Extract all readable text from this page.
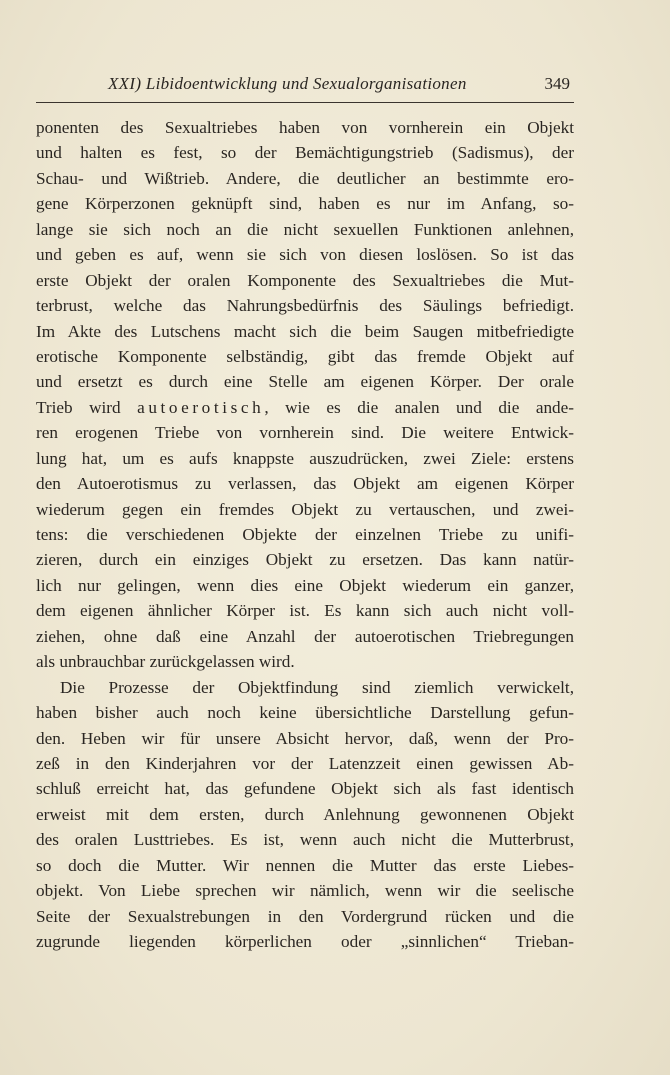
XXI) Libidoentwicklung und Sexualorganisationen	349
ponenten des Sexualtriebes haben von vornherein ein Objekt
und halten es fest, so der Bemächtigungstrieb (Sadismus), der
Schau- und Wißtrieb. Andere, die deutlicher an bestimmte ero-
gene Körperzonen geknüpft sind, haben es nur im Anfang, so-
lange sie sich noch an die nicht sexuellen Funktionen anlehnen,
und geben es auf, wenn sie sich von diesen loslösen. So ist das
erste Objekt der oralen Komponente des Sexualtriebes die Mut-
terbrust, welche das Nahrungsbedürfnis des Säulings befriedigt.
Im Akte des Lutschens macht sich die beim Saugen mitbefriedigte
erotische Komponente selbständig, gibt das fremde Objekt auf
und ersetzt es durch eine Stelle am eigenen Körper. Der orale
Trieb wird autoerotisch, wie es die analen und die ande-
ren erogenen Triebe von vornherein sind. Die weitere Entwick-
lung hat, um es aufs knappste auszudrücken, zwei Ziele: erstens
den Autoerotismus zu verlassen, das Objekt am eigenen Körper
wiederum gegen ein fremdes Objekt zu vertauschen, und zwei-
tens: die verschiedenen Objekte der einzelnen Triebe zu unifi-
zieren, durch ein einziges Objekt zu ersetzen. Das kann natür-
lich nur gelingen, wenn dies eine Objekt wiederum ein ganzer,
dem eigenen ähnlicher Körper ist. Es kann sich auch nicht voll-
ziehen, ohne daß eine Anzahl der autoerotischen Triebregungen
als unbrauchbar zurückgelassen wird.
Die Prozesse der Objektfindung sind ziemlich verwickelt,
haben bisher auch noch keine übersichtliche Darstellung gefun-
den. Heben wir für unsere Absicht hervor, daß, wenn der Pro-
zeß in den Kinderjahren vor der Latenzzeit einen gewissen Ab-
schluß erreicht hat, das gefundene Objekt sich als fast identisch
erweist mit dem ersten, durch Anlehnung gewonnenen Objekt
des oralen Lusttriebes. Es ist, wenn auch nicht die Mutterbrust,
so doch die Mutter. Wir nennen die Mutter das erste Liebes-
objekt. Von Liebe sprechen wir nämlich, wenn wir die seelische
Seite der Sexualstrebungen in den Vordergrund rücken und die
zugrunde liegenden körperlichen oder „sinnlichen“ Trieban-
